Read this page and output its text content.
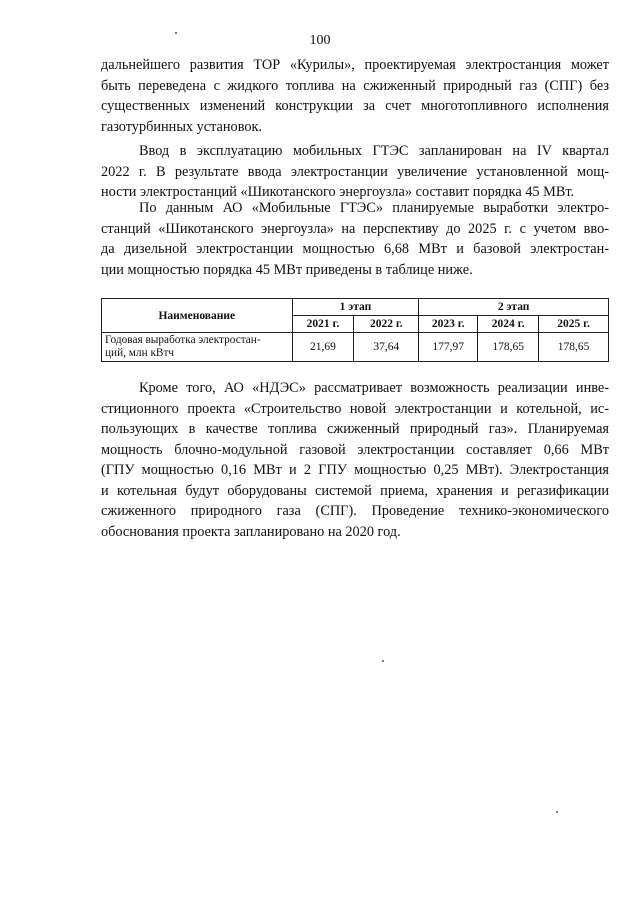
100
дальнейшего развития ТОР «Курилы», проектируемая электростанция может
быть переведена с жидкого топлива на сжиженный природный газ (СПГ) без
существенных изменений конструкции за счет многотопливного исполнения
газотурбинных установок.
Ввод в эксплуатацию мобильных ГТЭС запланирован на IV квартал
2022 г. В результате ввода электростанции увеличение установленной мощ-
ности электростанций «Шикотанского энергоузла» составит порядка 45 МВт.
По данным АО «Мобильные ГТЭС» планируемые выработки электро-
станций «Шикотанского энергоузла» на перспективу до 2025 г. с учетом вво-
да дизельной электростанции мощностью 6,68 МВт и базовой электростан-
ции мощностью порядка 45 МВт приведены в таблице ниже.
Наименование	1 этап		2 этап		
	2021 г.	2022 г.	2023 г.	2024 г.	2025 г.
Годовая выработка электростан-
ций, млн кВтч	21,69	37,64	177,97	178,65	178,65
Кроме того, АО «НДЭС» рассматривает возможность реализации инве-
стиционного проекта «Строительство новой электростанции и котельной, ис-
пользующих в качестве топлива сжиженный природный газ». Планируемая
мощность блочно-модульной газовой электростанции составляет 0,66 МВт
(ГПУ мощностью 0,16 МВт и 2 ГПУ мощностью 0,25 МВт). Электростанция
и котельная будут оборудованы системой приема, хранения и регазификации
сжиженного природного газа (СПГ). Проведение технико-экономического
обоснования проекта запланировано на 2020 год.
